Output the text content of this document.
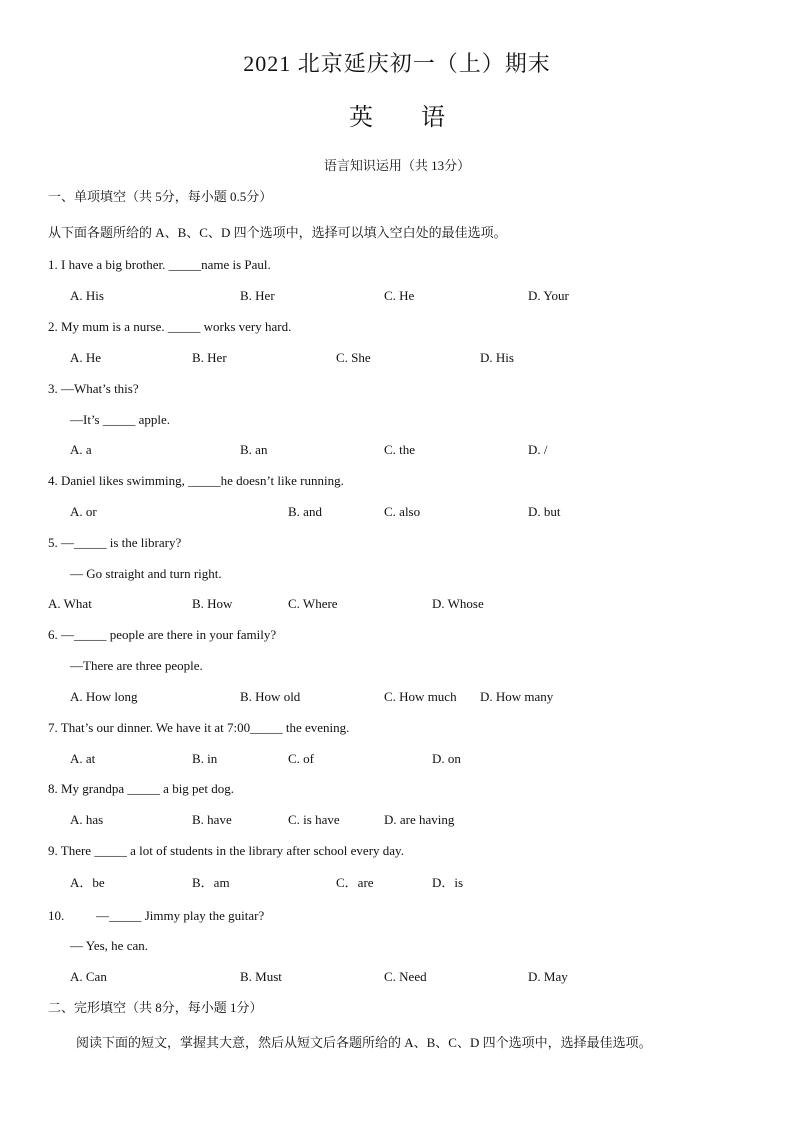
2021 北京延庆初一（上）期末
英语
语言知识运用（共 13分）
一、单项填空（共 5分，每小题 0.5分）
从下面各题所给的 A、B、C、D 四个选项中，选择可以填入空白处的最佳选项。
1. I have a big brother. _____name is Paul.
A. His	B. Her	C. He	D. Your
2. My mum is a nurse. _____ works very hard.
A. He	B. Her	C. She	D. His
3. —What’s this?
—It’s _____ apple.
A. a	B. an	C. the	D. /
4. Daniel likes swimming, _____he doesn’t like running.
A. or	B. and	C. also	D. but
5. —_____ is the library?
— Go straight and turn right.
A. What	B. How	C. Where	D. Whose
6. —_____ people are there in your family?
—There are three people.
A. How long	B. How old	C. How much D. How many
7. That’s our dinner. We have it at 7:00_____ the evening.
A. at	B. in	C. of	D. on
8. My grandpa _____ a big pet dog.
A. has	B. have	C. is have	D. are having
9. There _____ a lot of students in the library after school every day.
A．be	B．am	C．are	D．is
10. —_____ Jimmy play the guitar?
— Yes, he can.
A. Can	B. Must	C. Need	D. May
二、完形填空（共 8分，每小题 1分）
阅读下面的短文，掌握其大意，然后从短文后各题所给的 A、B、C、D 四个选项中，选择最佳选项。
